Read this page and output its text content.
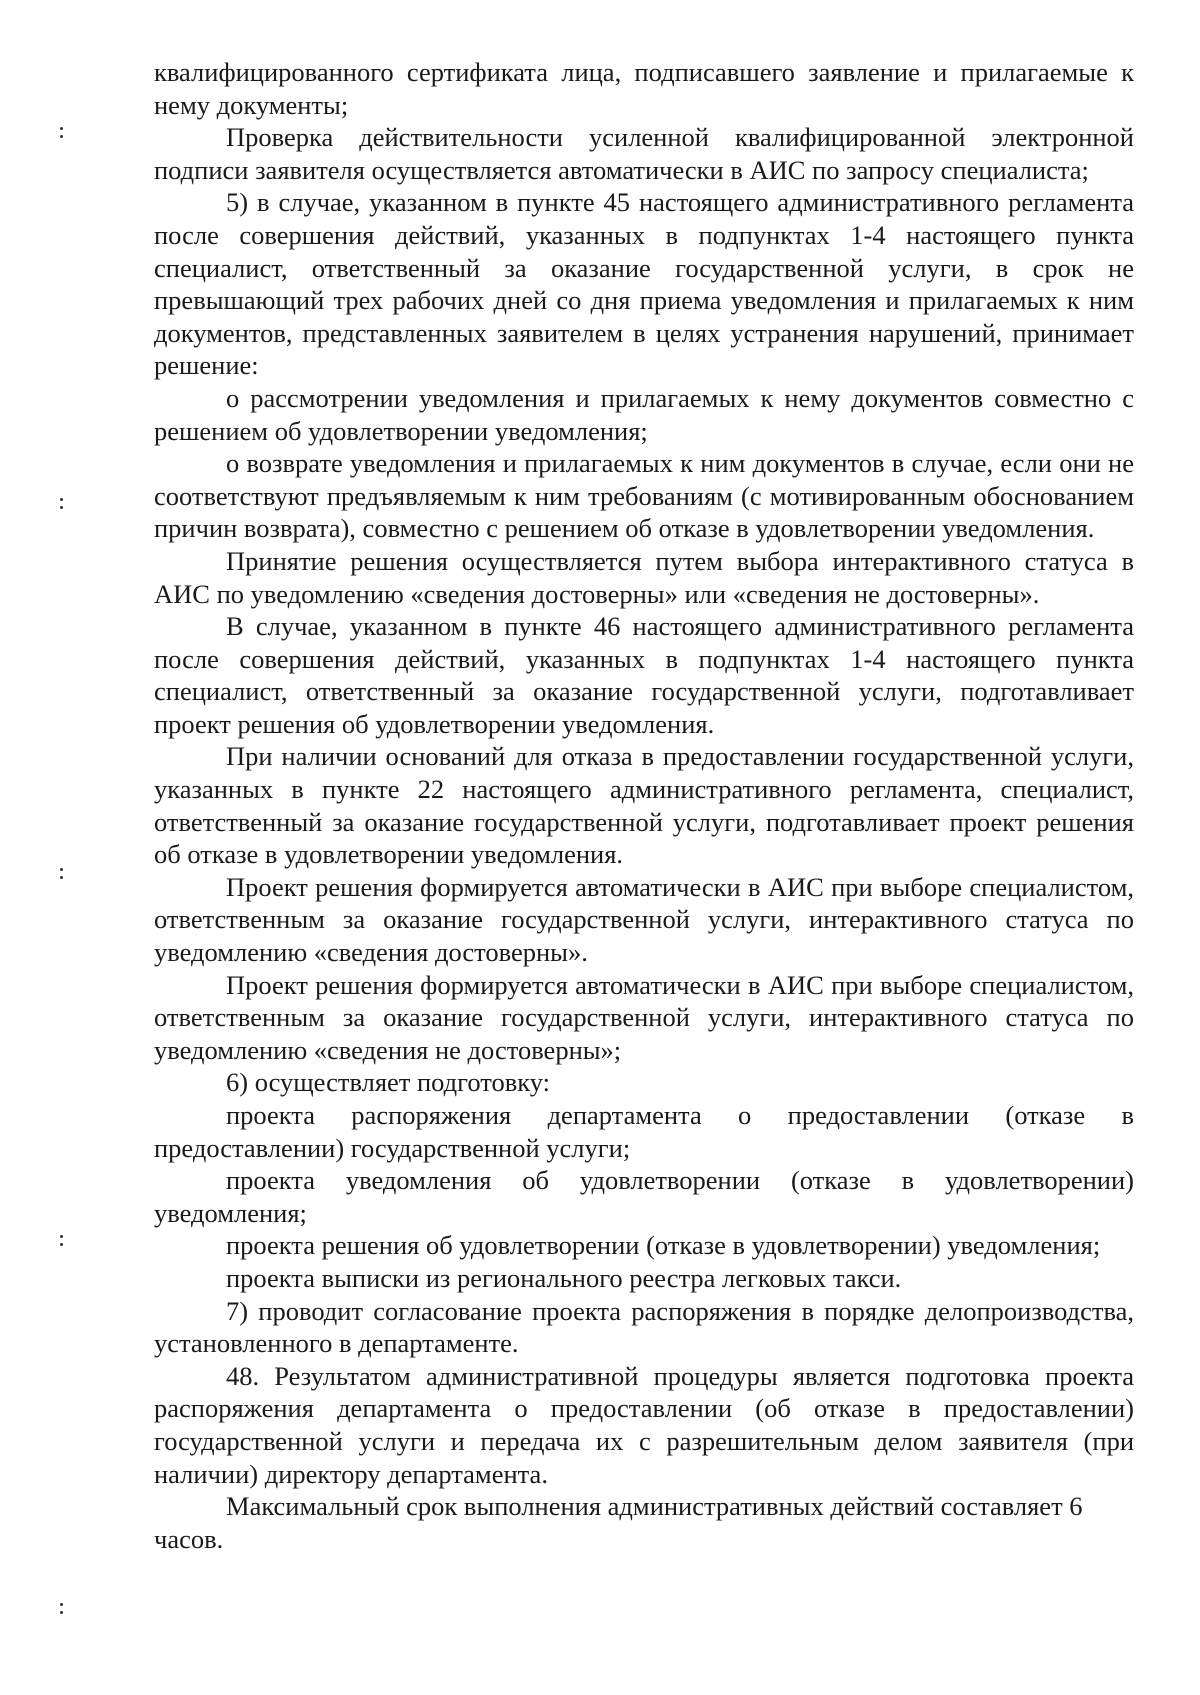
квалифицированного сертификата лица, подписавшего заявление и прилагаемые к нему документы;

Проверка действительности усиленной квалифицированной электронной подписи заявителя осуществляется автоматически в АИС по запросу специалиста;

5) в случае, указанном в пункте 45 настоящего административного регламента после совершения действий, указанных в подпунктах 1-4 настоящего пункта специалист, ответственный за оказание государственной услуги, в срок не превышающий трех рабочих дней со дня приема уведомления и прилагаемых к ним документов, представленных заявителем в целях устранения нарушений, принимает решение:

о рассмотрении уведомления и прилагаемых к нему документов совместно с решением об удовлетворении уведомления;

о возврате уведомления и прилагаемых к ним документов в случае, если они не соответствуют предъявляемым к ним требованиям (с мотивированным обоснованием причин возврата), совместно с решением об отказе в удовлетворении уведомления.

Принятие решения осуществляется путем выбора интерактивного статуса в АИС по уведомлению «сведения достоверны» или «сведения не достоверны».

В случае, указанном в пункте 46 настоящего административного регламента после совершения действий, указанных в подпунктах 1-4 настоящего пункта специалист, ответственный за оказание государственной услуги, подготавливает проект решения об удовлетворении уведомления.

При наличии оснований для отказа в предоставлении государственной услуги, указанных в пункте 22 настоящего административного регламента, специалист, ответственный за оказание государственной услуги, подготавливает проект решения об отказе в удовлетворении уведомления.

Проект решения формируется автоматически в АИС при выборе специалистом, ответственным за оказание государственной услуги, интерактивного статуса по уведомлению «сведения достоверны».

Проект решения формируется автоматически в АИС при выборе специалистом, ответственным за оказание государственной услуги, интерактивного статуса по уведомлению «сведения не достоверны»;

6) осуществляет подготовку:

проекта распоряжения департамента о предоставлении (отказе в предоставлении) государственной услуги;

проекта уведомления об удовлетворении (отказе в удовлетворении) уведомления;

проекта решения об удовлетворении (отказе в удовлетворении) уведомления;

проекта выписки из регионального реестра легковых такси.

7) проводит согласование проекта распоряжения в порядке делопроизводства, установленного в департаменте.

48. Результатом административной процедуры является подготовка проекта распоряжения департамента о предоставлении (об отказе в предоставлении) государственной услуги и передача их с разрешительным делом заявителя (при наличии) директору департамента.

Максимальный срок выполнения административных действий составляет 6 часов.
